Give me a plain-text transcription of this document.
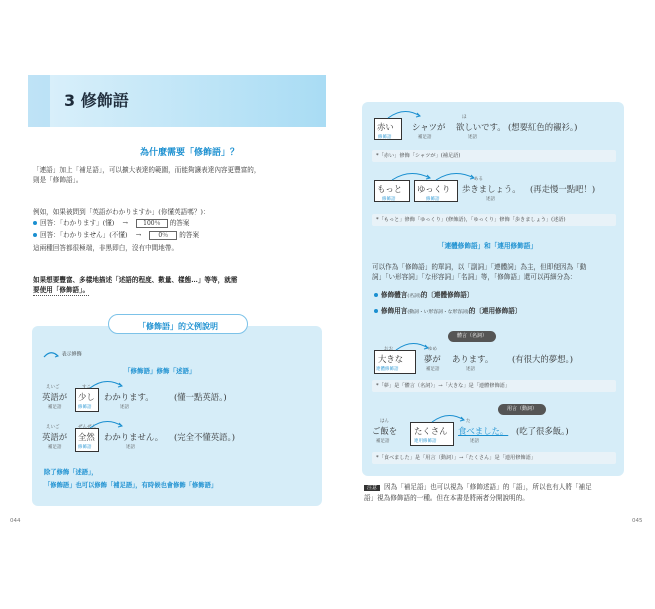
3 修飾語
為什麼需要「修飾語」？
「連語」加上「補足語」，可以擴大表達的範圍，而能夠讓表達內容更豐富的，
則是「修飾語」。
例如，如果被問到「英語がわかりますか」(你懂英語嗎？)：
回答：「わかります」(懂) →	100％ 的答案
回答：「わかりません」(不懂) →	0％ 的答案
這兩種回答都很極端，非黑即白，沒有中間地帶。
如果想要豐富、多樣地描述「述語的程度、數量、樣態…」等等，就需
要使用「修飾語」。
「修飾語」的文例說明
表示修飾
「修飾語」修飾「述語」
えいご
英語が 少し わかります。 (懂一點英語。)
補足語	修飾語	述語
えいご
英語が 全然 わかりません。 (完全不懂英語。)
補足語	修飾語	述語
除了修飾「述語」，
「修飾語」也可以修飾「補足語」，有時候也會修飾「修飾語」
044
赤い シャツが
ほ
欲しいです。 (想要紅色的襯衫。)
修飾語	補足語	述語
*「赤い」修飾「シャツが」(補足語)
もっと ゆっくり
ある
歩きましょう。 (再走慢一點吧！)
修飾語	修飾語	述語
*「もっと」修飾「ゆっくり」(修飾語)，「ゆっくり」修飾「歩きましょう」(述語)
「連體修飾語」和「連用修飾語」
可以作為「修飾語」的單詞，以「副詞」「連體詞」為主，但即便因為「動
詞」「い形容詞」「な形容詞」「名詞」等，「修飾語」還可以再細分為：
修飾體言(名詞)的〔連體修飾語〕
修飾用言(動詞・い形容詞・な形容詞)的〔連用修飾語〕
體言（名詞）
大きな
ゆめ
夢が あります。 (有很大的夢想。)
連體修飾語	補足語	述語
*「夢」是「體言（名詞）」→「大きな」是「連體修飾語」
用言（動詞）
はん
ご飯を たくさん
た
食べました。 (吃了很多飯。)
補足語	連用修飾語	述語
*「食べました」是「用言（動詞）」→「たくさん」是「連用修飾語」
注意 因為「補足語」也可以視為「修飾述語」的「語」，所以也有人將「補足
語」視為修飾語的一種。但在本書是將兩者分開說明的。
045
